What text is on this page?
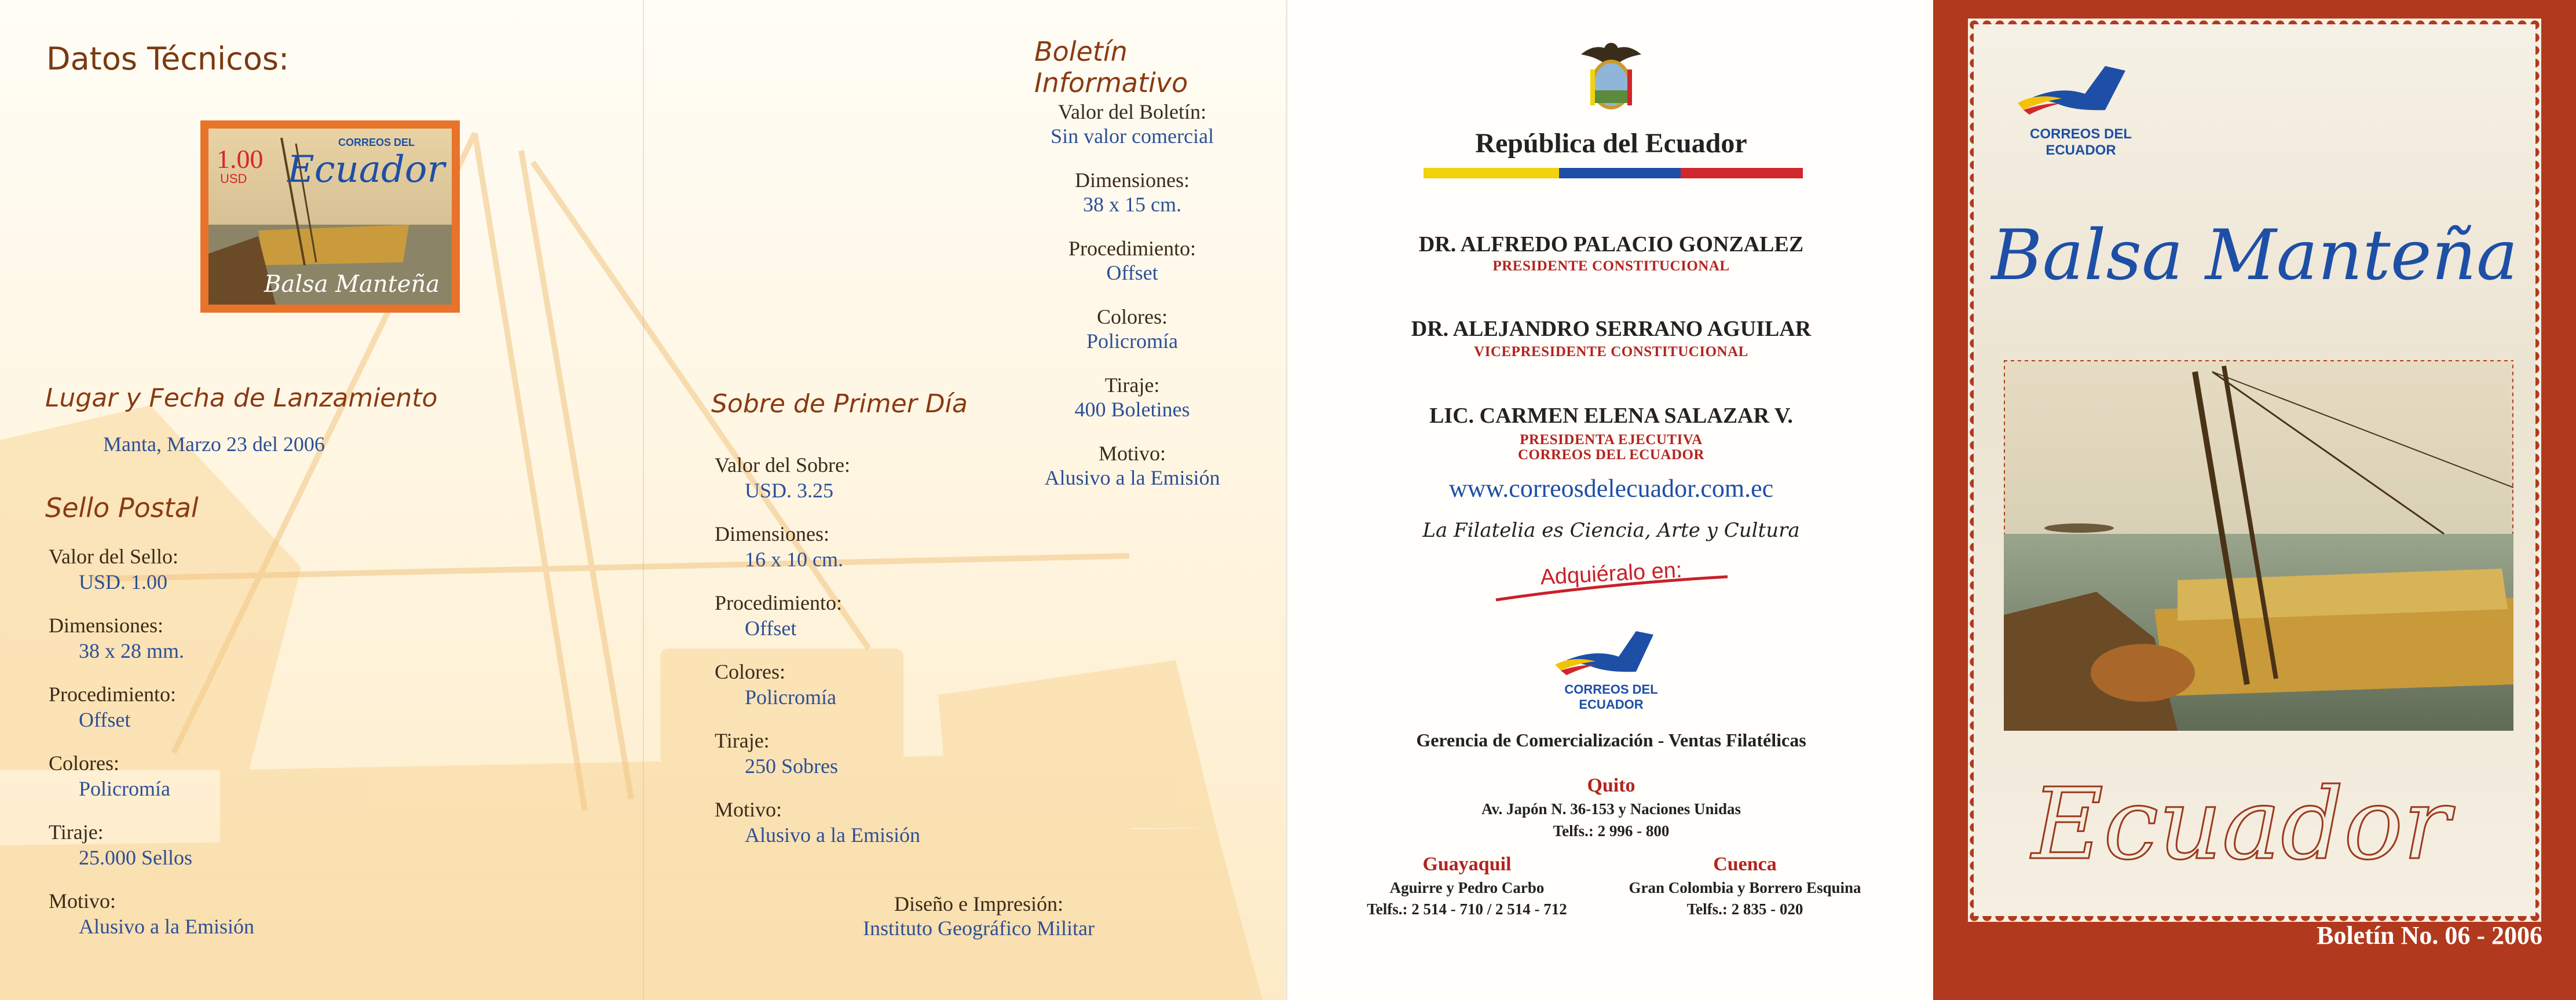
Datos Técnicos:
1.00
USD
CORREOS DEL
Ecuador
Balsa Manteña
Lugar y Fecha de Lanzamiento
Manta, Marzo 23 del 2006
Sello Postal
Valor del Sello:
USD. 1.00
Dimensiones:
38 x 28 mm.
Procedimiento:
Offset
Colores:
Policromía
Tiraje:
25.000 Sellos
Motivo:
Alusivo a la Emisión
Sobre de Primer Día
Valor del Sobre:
USD. 3.25
Dimensiones:
16 x 10 cm.
Procedimiento:
Offset
Colores:
Policromía
Tiraje:
250 Sobres
Motivo:
Alusivo a la Emisión
Boletín Informativo
Valor del Boletín:
Sin valor comercial
Dimensiones:
38 x 15 cm.
Procedimiento:
Offset
Colores:
Policromía
Tiraje:
400 Boletines
Motivo:
Alusivo a la Emisión
Diseño e Impresión:
Instituto Geográfico Militar
República del Ecuador
DR. ALFREDO PALACIO GONZALEZ
PRESIDENTE CONSTITUCIONAL
DR. ALEJANDRO SERRANO AGUILAR
VICEPRESIDENTE CONSTITUCIONAL
LIC. CARMEN ELENA SALAZAR V.
PRESIDENTA EJECUTIVA
CORREOS DEL ECUADOR
www.correosdelecuador.com.ec
La Filatelia es Ciencia, Arte y Cultura
Adquiéralo en:
CORREOS DEL
ECUADOR
Gerencia de Comercialización - Ventas Filatélicas
Quito
Av. Japón N. 36-153 y Naciones Unidas
Telfs.: 2 996 - 800
Guayaquil
Aguirre y Pedro Carbo
Telfs.: 2 514 - 710 / 2 514 - 712
Cuenca
Gran Colombia y Borrero Esquina
Telfs.: 2 835 - 020
CORREOS DEL
ECUADOR
Balsa Manteña
Ecuador
Boletín No. 06 - 2006
